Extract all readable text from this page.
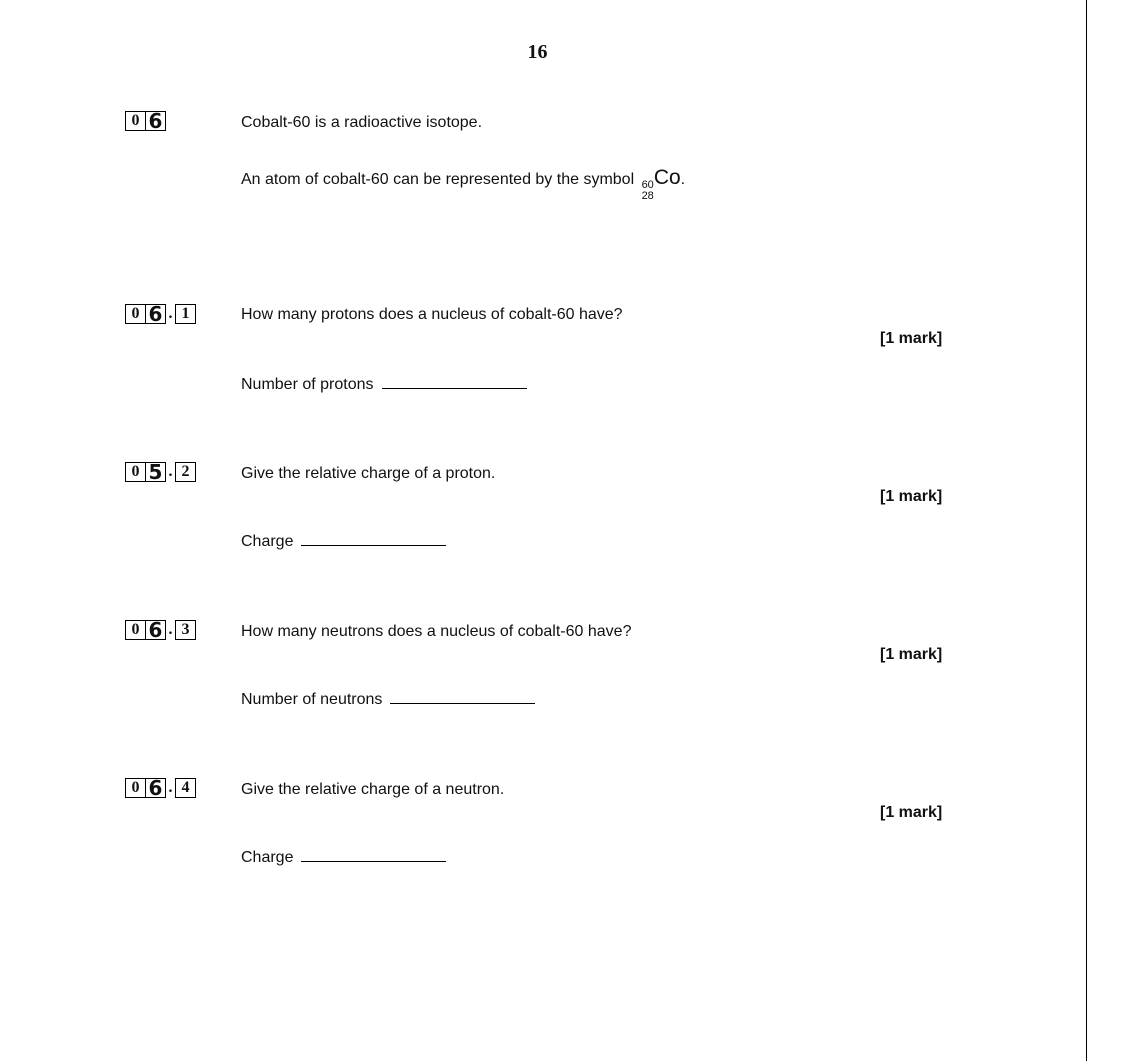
16
0 6	Cobalt-60 is a radioactive isotope.
An atom of cobalt-60 can be represented by the symbol 60
28
Co.
0 6 . 1	How many protons does a nucleus of cobalt-60 have?
[1 mark]
Number of protons
0 5 . 2	Give the relative charge of a proton.
[1 mark]
Charge
0 6 . 3	How many neutrons does a nucleus of cobalt-60 have?
[1 mark]
Number of neutrons
0 6 . 4	Give the relative charge of a neutron.
[1 mark]
Charge
